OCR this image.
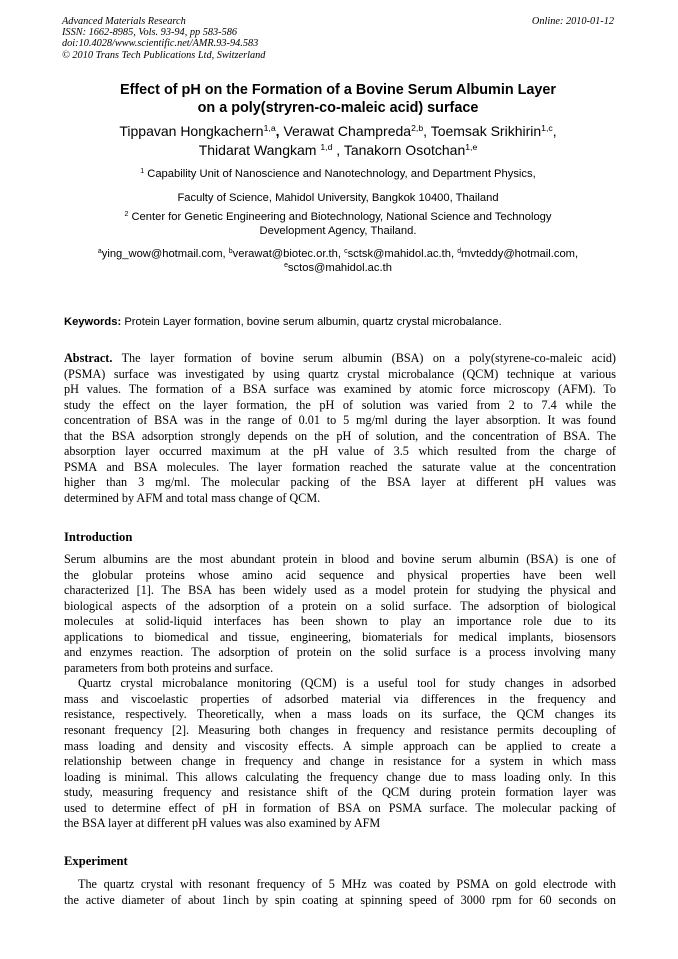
Advanced Materials Research
ISSN: 1662-8985, Vols. 93-94, pp 583-586
doi:10.4028/www.scientific.net/AMR.93-94.583
© 2010 Trans Tech Publications Ltd, Switzerland
Online: 2010-01-12
Effect of pH on the Formation of a Bovine Serum Albumin Layer
on a poly(stryren-co-maleic acid) surface
Tippavan Hongkachern$^{1,a}$, Verawat Champreda$^{2,b}$, Toemsak Srikhirin$^{1,c}$,
Thidarat Wangkam $^{1,d}$ , Tanakorn Osotchan$^{1,e}$
$^1$ Capability Unit of Nanoscience and Nanotechnology, and Department Physics,
Faculty of Science, Mahidol University, Bangkok 10400, Thailand
$^2$ Center for Genetic Engineering and Biotechnology, National Science and Technology
Development Agency, Thailand.
$^a$ying_wow@hotmail.com, $^b$verawat@biotec.or.th, $^c$sctsk@mahidol.ac.th, $^d$mvteddy@hotmail.com,
$^e$sctos@mahidol.ac.th
Keywords: Protein Layer formation, bovine serum albumin, quartz crystal microbalance.
Abstract. The layer formation of bovine serum albumin (BSA) on a poly(styrene-co-maleic acid)
(PSMA) surface was investigated by using quartz crystal microbalance (QCM) technique at various
pH values. The formation of a BSA surface was examined by atomic force microscopy (AFM). To
study the effect on the layer formation, the pH of solution was varied from 2 to 7.4 while the
concentration of BSA was in the range of 0.01 to 5 mg/ml during the layer absorption. It was found
that the BSA adsorption strongly depends on the pH of solution, and the concentration of BSA. The
absorption layer occurred maximum at the pH value of 3.5 which resulted from the charge of
PSMA and BSA molecules. The layer formation reached the saturate value at the concentration
higher than 3 mg/ml. The molecular packing of the BSA layer at different pH values was
determined by AFM and total mass change of QCM.
Introduction
Serum albumins are the most abundant protein in blood and bovine serum albumin (BSA) is one of
the globular proteins whose amino acid sequence and physical properties have been well
characterized [1]. The BSA has been widely used as a model protein for studying the physical and
biological aspects of the adsorption of a protein on a solid surface. The adsorption of biological
molecules at solid-liquid interfaces has been shown to play an importance role due to its
applications to biomedical and tissue, engineering, biomaterials for medical implants, biosensors
and enzymes reaction. The adsorption of protein on the solid surface is a process involving many
parameters from both proteins and surface.
Quartz crystal microbalance monitoring (QCM) is a useful tool for study changes in adsorbed
mass and viscoelastic properties of adsorbed material via differences in the frequency and
resistance, respectively. Theoretically, when a mass loads on its surface, the QCM changes its
resonant frequency [2]. Measuring both changes in frequency and resistance permits decoupling of
mass loading and density and viscosity effects. A simple approach can be applied to create a
relationship between change in frequency and change in resistance for a system in which mass
loading is minimal. This allows calculating the frequency change due to mass loading only. In this
study, measuring frequency and resistance shift of the QCM during protein formation layer was
used to determine effect of pH in formation of BSA on PSMA surface. The molecular packing of
the BSA layer at different pH values was also examined by AFM
Experiment
The quartz crystal with resonant frequency of 5 MHz was coated by PSMA on gold electrode with
the active diameter of about 1inch by spin coating at spinning speed of 3000 rpm for 60 seconds on
